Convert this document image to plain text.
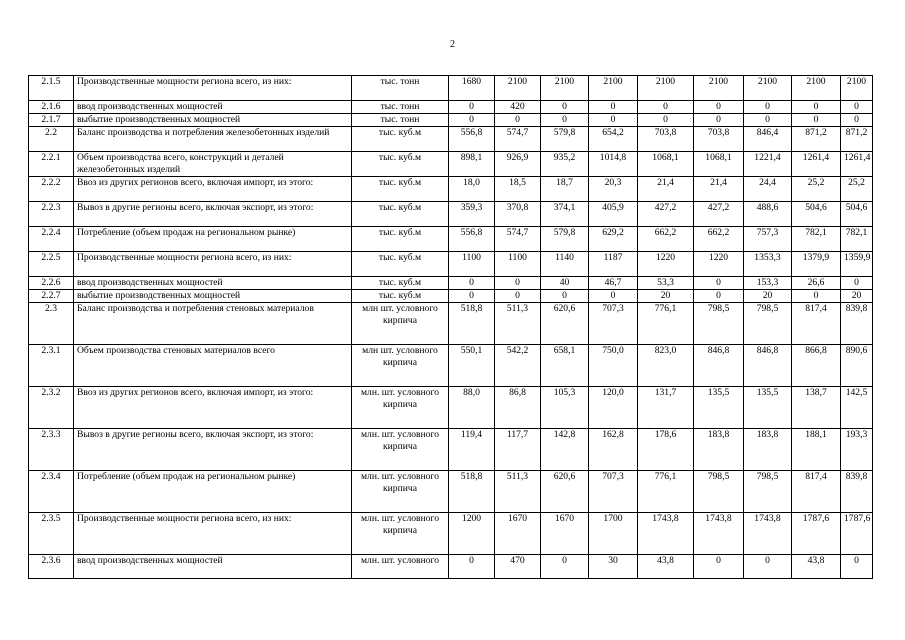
2
2.1.5	Производственные мощности региона всего, из них:	тыс. тонн	1680	2100	2100	2100	2100	2100	2100	2100	2100
2.1.6	ввод производственных мощностей	тыс. тонн	0	420	0	0	0	0	0	0	0
2.1.7	выбытие производственных мощностей	тыс. тонн	0	0	0	0	0	0	0	0	0
2.2	Баланс производства и потребления железобетонных изделий	тыс. куб.м	556,8	574,7	579,8	654,2	703,8	703,8	846,4	871,2	871,2
2.2.1	Объем производства всего, конструкций и деталей железобетонных изделий	тыс. куб.м	898,1	926,9	935,2	1014,8	1068,1	1068,1	1221,4	1261,4	1261,4
2.2.2	Ввоз из других регионов всего, включая импорт, из этого:	тыс. куб.м	18,0	18,5	18,7	20,3	21,4	21,4	24,4	25,2	25,2
2.2.3	Вывоз в другие регионы всего, включая экспорт, из этого:	тыс. куб.м	359,3	370,8	374,1	405,9	427,2	427,2	488,6	504,6	504,6
2.2.4	Потребление (объем продаж на региональном рынке)	тыс. куб.м	556,8	574,7	579,8	629,2	662,2	662,2	757,3	782,1	782,1
2.2.5	Производственные мощности региона всего, из них:	тыс. куб.м	1100	1100	1140	1187	1220	1220	1353,3	1379,9	1359,9
2.2.6	ввод производственных мощностей	тыс. куб.м	0	0	40	46,7	53,3	0	153,3	26,6	0
2.2.7	выбытие производственных мощностей	тыс. куб.м	0	0	0	0	20	0	20	0	20
2.3	Баланс производства и потребления стеновых материалов	млн шт. условного кирпича	518,8	511,3	620,6	707,3	776,1	798,5	798,5	817,4	839,8
2.3.1	Объем производства стеновых материалов всего	млн шт. условного кирпича	550,1	542,2	658,1	750,0	823,0	846,8	846,8	866,8	890,6
2.3.2	Ввоз из других регионов всего, включая импорт, из этого:	млн. шт. условного кирпича	88,0	86,8	105,3	120,0	131,7	135,5	135,5	138,7	142,5
2.3.3	Вывоз в другие регионы всего, включая экспорт, из этого:	млн. шт. условного кирпича	119,4	117,7	142,8	162,8	178,6	183,8	183,8	188,1	193,3
2.3.4	Потребление (объем продаж на региональном рынке)	млн. шт. условного кирпича	518,8	511,3	620,6	707,3	776,1	798,5	798,5	817,4	839,8
2.3.5	Производственные мощности региона всего, из них:	млн. шт. условного кирпича	1200	1670	1670	1700	1743,8	1743,8	1743,8	1787,6	1787,6
2.3.6	ввод производственных мощностей	млн. шт. условного	0	470	0	30	43,8	0	0	43,8	0
